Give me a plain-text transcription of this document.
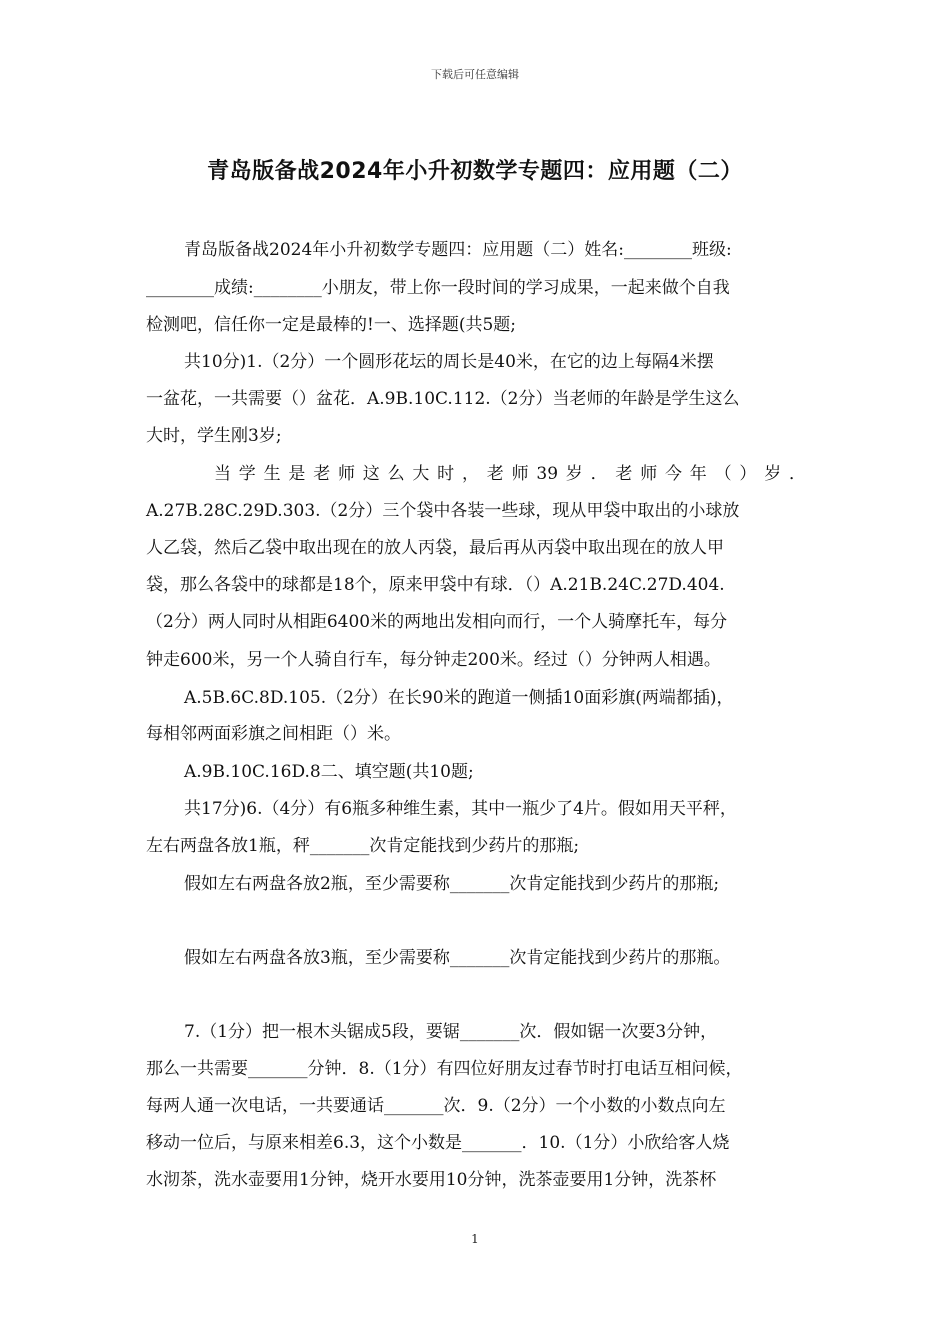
下载后可任意编辑
青岛版备战2024年小升初数学专题四：应用题（二）
青岛版备战2024年小升初数学专题四：应用题（二）姓名:________班级:
________成绩:________小朋友，带上你一段时间的学习成果，一起来做个自我
检测吧，信任你一定是最棒的!一、选择题(共5题;
共10分)1.（2分）一个圆形花坛的周长是40米，在它的边上每隔4米摆
一盆花，一共需要（）盆花．A.9B.10C.112.（2分）当老师的年龄是学生这么
大时，学生刚3岁;
当学生是老师这么大时，老师39岁．老师今年（）岁．
A.27B.28C.29D.303.（2分）三个袋中各装一些球，现从甲袋中取出的小球放
人乙袋，然后乙袋中取出现在的放人丙袋，最后再从丙袋中取出现在的放人甲
袋，那么各袋中的球都是18个，原来甲袋中有球．（）A.21B.24C.27D.404.
（2分）两人同时从相距6400米的两地出发相向而行，一个人骑摩托车，每分
钟走600米，另一个人骑自行车，每分钟走200米。经过（）分钟两人相遇。
A.5B.6C.8D.105.（2分）在长90米的跑道一侧插10面彩旗(两端都插)，
每相邻两面彩旗之间相距（）米。
A.9B.10C.16D.8二、填空题(共10题;
共17分)6.（4分）有6瓶多种维生素，其中一瓶少了4片。假如用天平秤，
左右两盘各放1瓶，秤_______次肯定能找到少药片的那瓶;
假如左右两盘各放2瓶，至少需要称_______次肯定能找到少药片的那瓶;
假如左右两盘各放3瓶，至少需要称_______次肯定能找到少药片的那瓶。
7.（1分）把一根木头锯成5段，要锯_______次．假如锯一次要3分钟，
那么一共需要_______分钟．8.（1分）有四位好朋友过春节时打电话互相问候，
每两人通一次电话，一共要通话_______次．9.（2分）一个小数的小数点向左
移动一位后，与原来相差6.3，这个小数是_______．10.（1分）小欣给客人烧
水沏茶，洗水壶要用1分钟，烧开水要用10分钟，洗茶壶要用1分钟，洗茶杯
1
